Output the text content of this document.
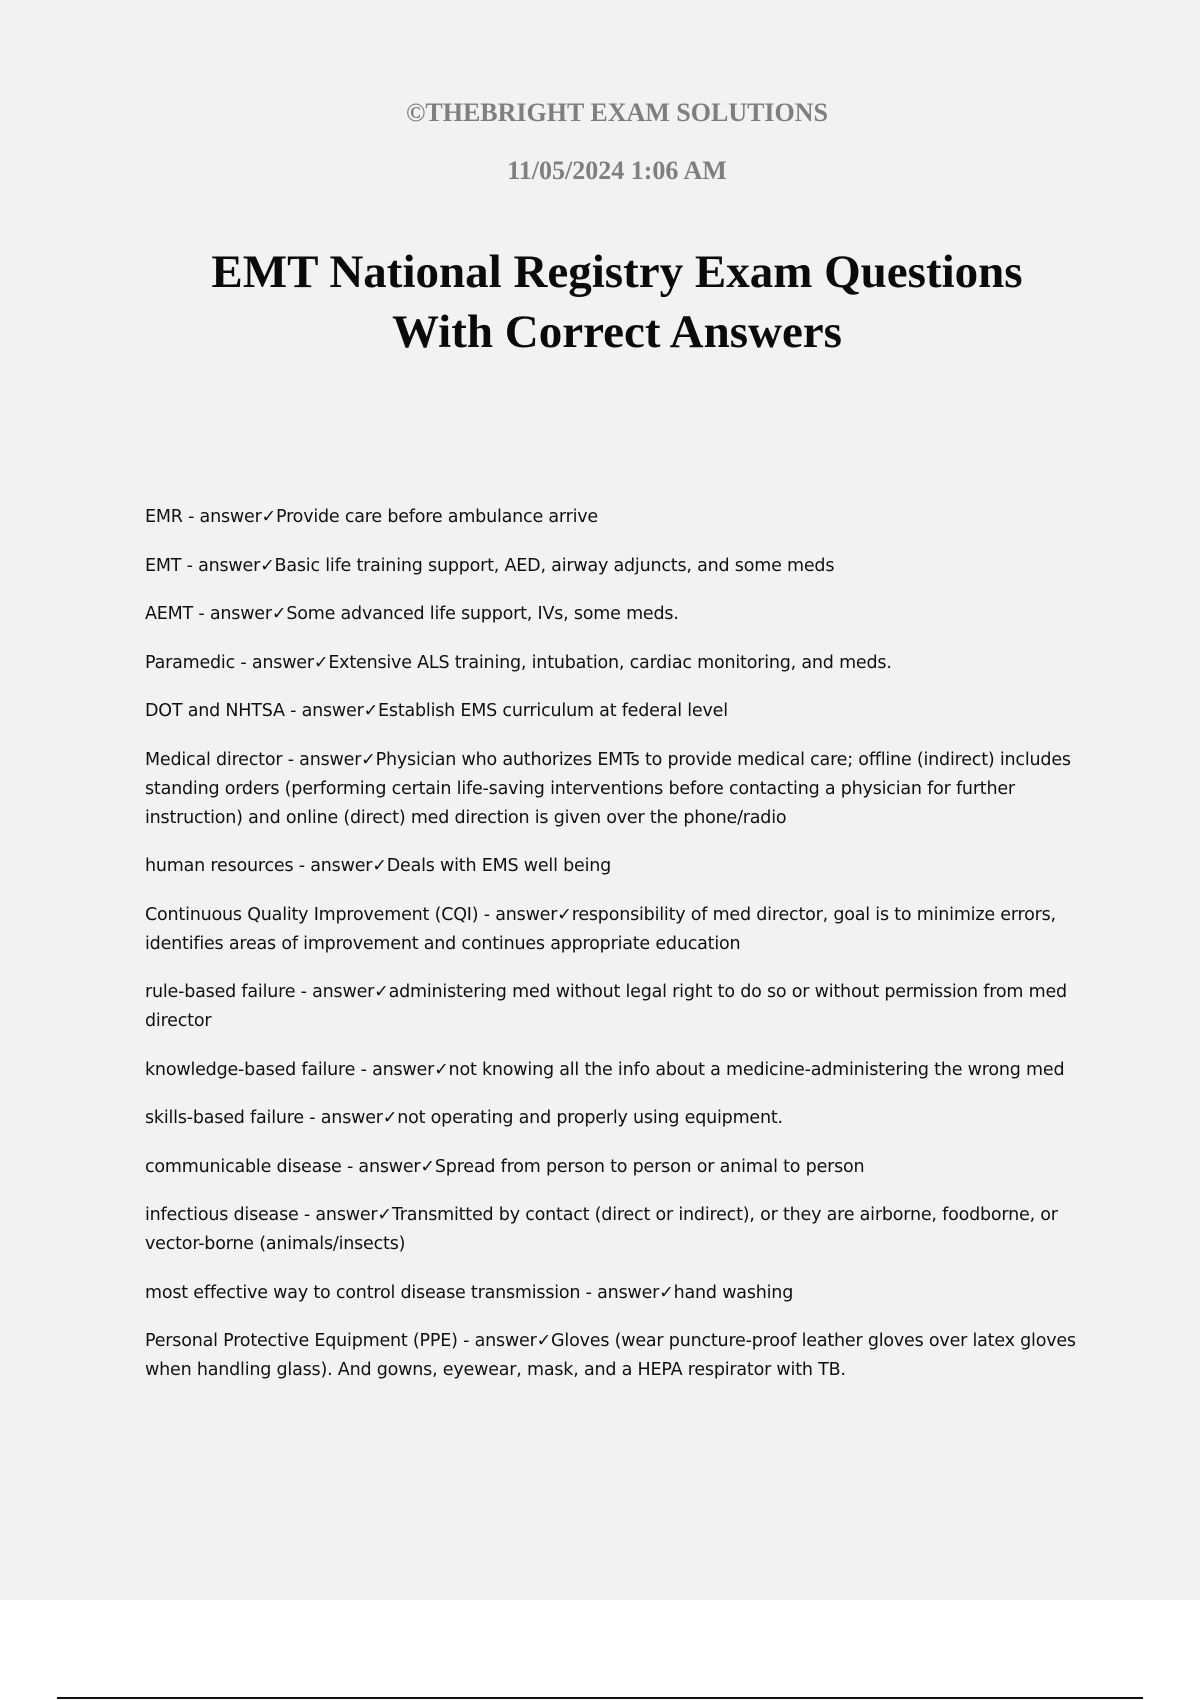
©THEBRIGHT EXAM SOLUTIONS

11/05/2024 1:06 AM

EMT National Registry Exam Questions
With Correct Answers
EMR - answer✓Provide care before ambulance arrive
EMT - answer✓Basic life training support, AED, airway adjuncts, and some meds
AEMT - answer✓Some advanced life support, IVs, some meds.
Paramedic - answer✓Extensive ALS training, intubation, cardiac monitoring, and meds.
DOT and NHTSA - answer✓Establish EMS curriculum at federal level
Medical director - answer✓Physician who authorizes EMTs to provide medical care; offline (indirect) includes standing orders (performing certain life-saving interventions before contacting a physician for further instruction) and online (direct) med direction is given over the phone/radio
human resources - answer✓Deals with EMS well being
Continuous Quality Improvement (CQI) - answer✓responsibility of med director, goal is to minimize errors, identifies areas of improvement and continues appropriate education
rule-based failure - answer✓administering med without legal right to do so or without permission from med director
knowledge-based failure - answer✓not knowing all the info about a medicine-administering the wrong med
skills-based failure - answer✓not operating and properly using equipment.
communicable disease - answer✓Spread from person to person or animal to person
infectious disease - answer✓Transmitted by contact (direct or indirect), or they are airborne, foodborne, or vector-borne (animals/insects)
most effective way to control disease transmission - answer✓hand washing
Personal Protective Equipment (PPE) - answer✓Gloves (wear puncture-proof leather gloves over latex gloves when handling glass). And gowns, eyewear, mask, and a HEPA respirator with TB.
